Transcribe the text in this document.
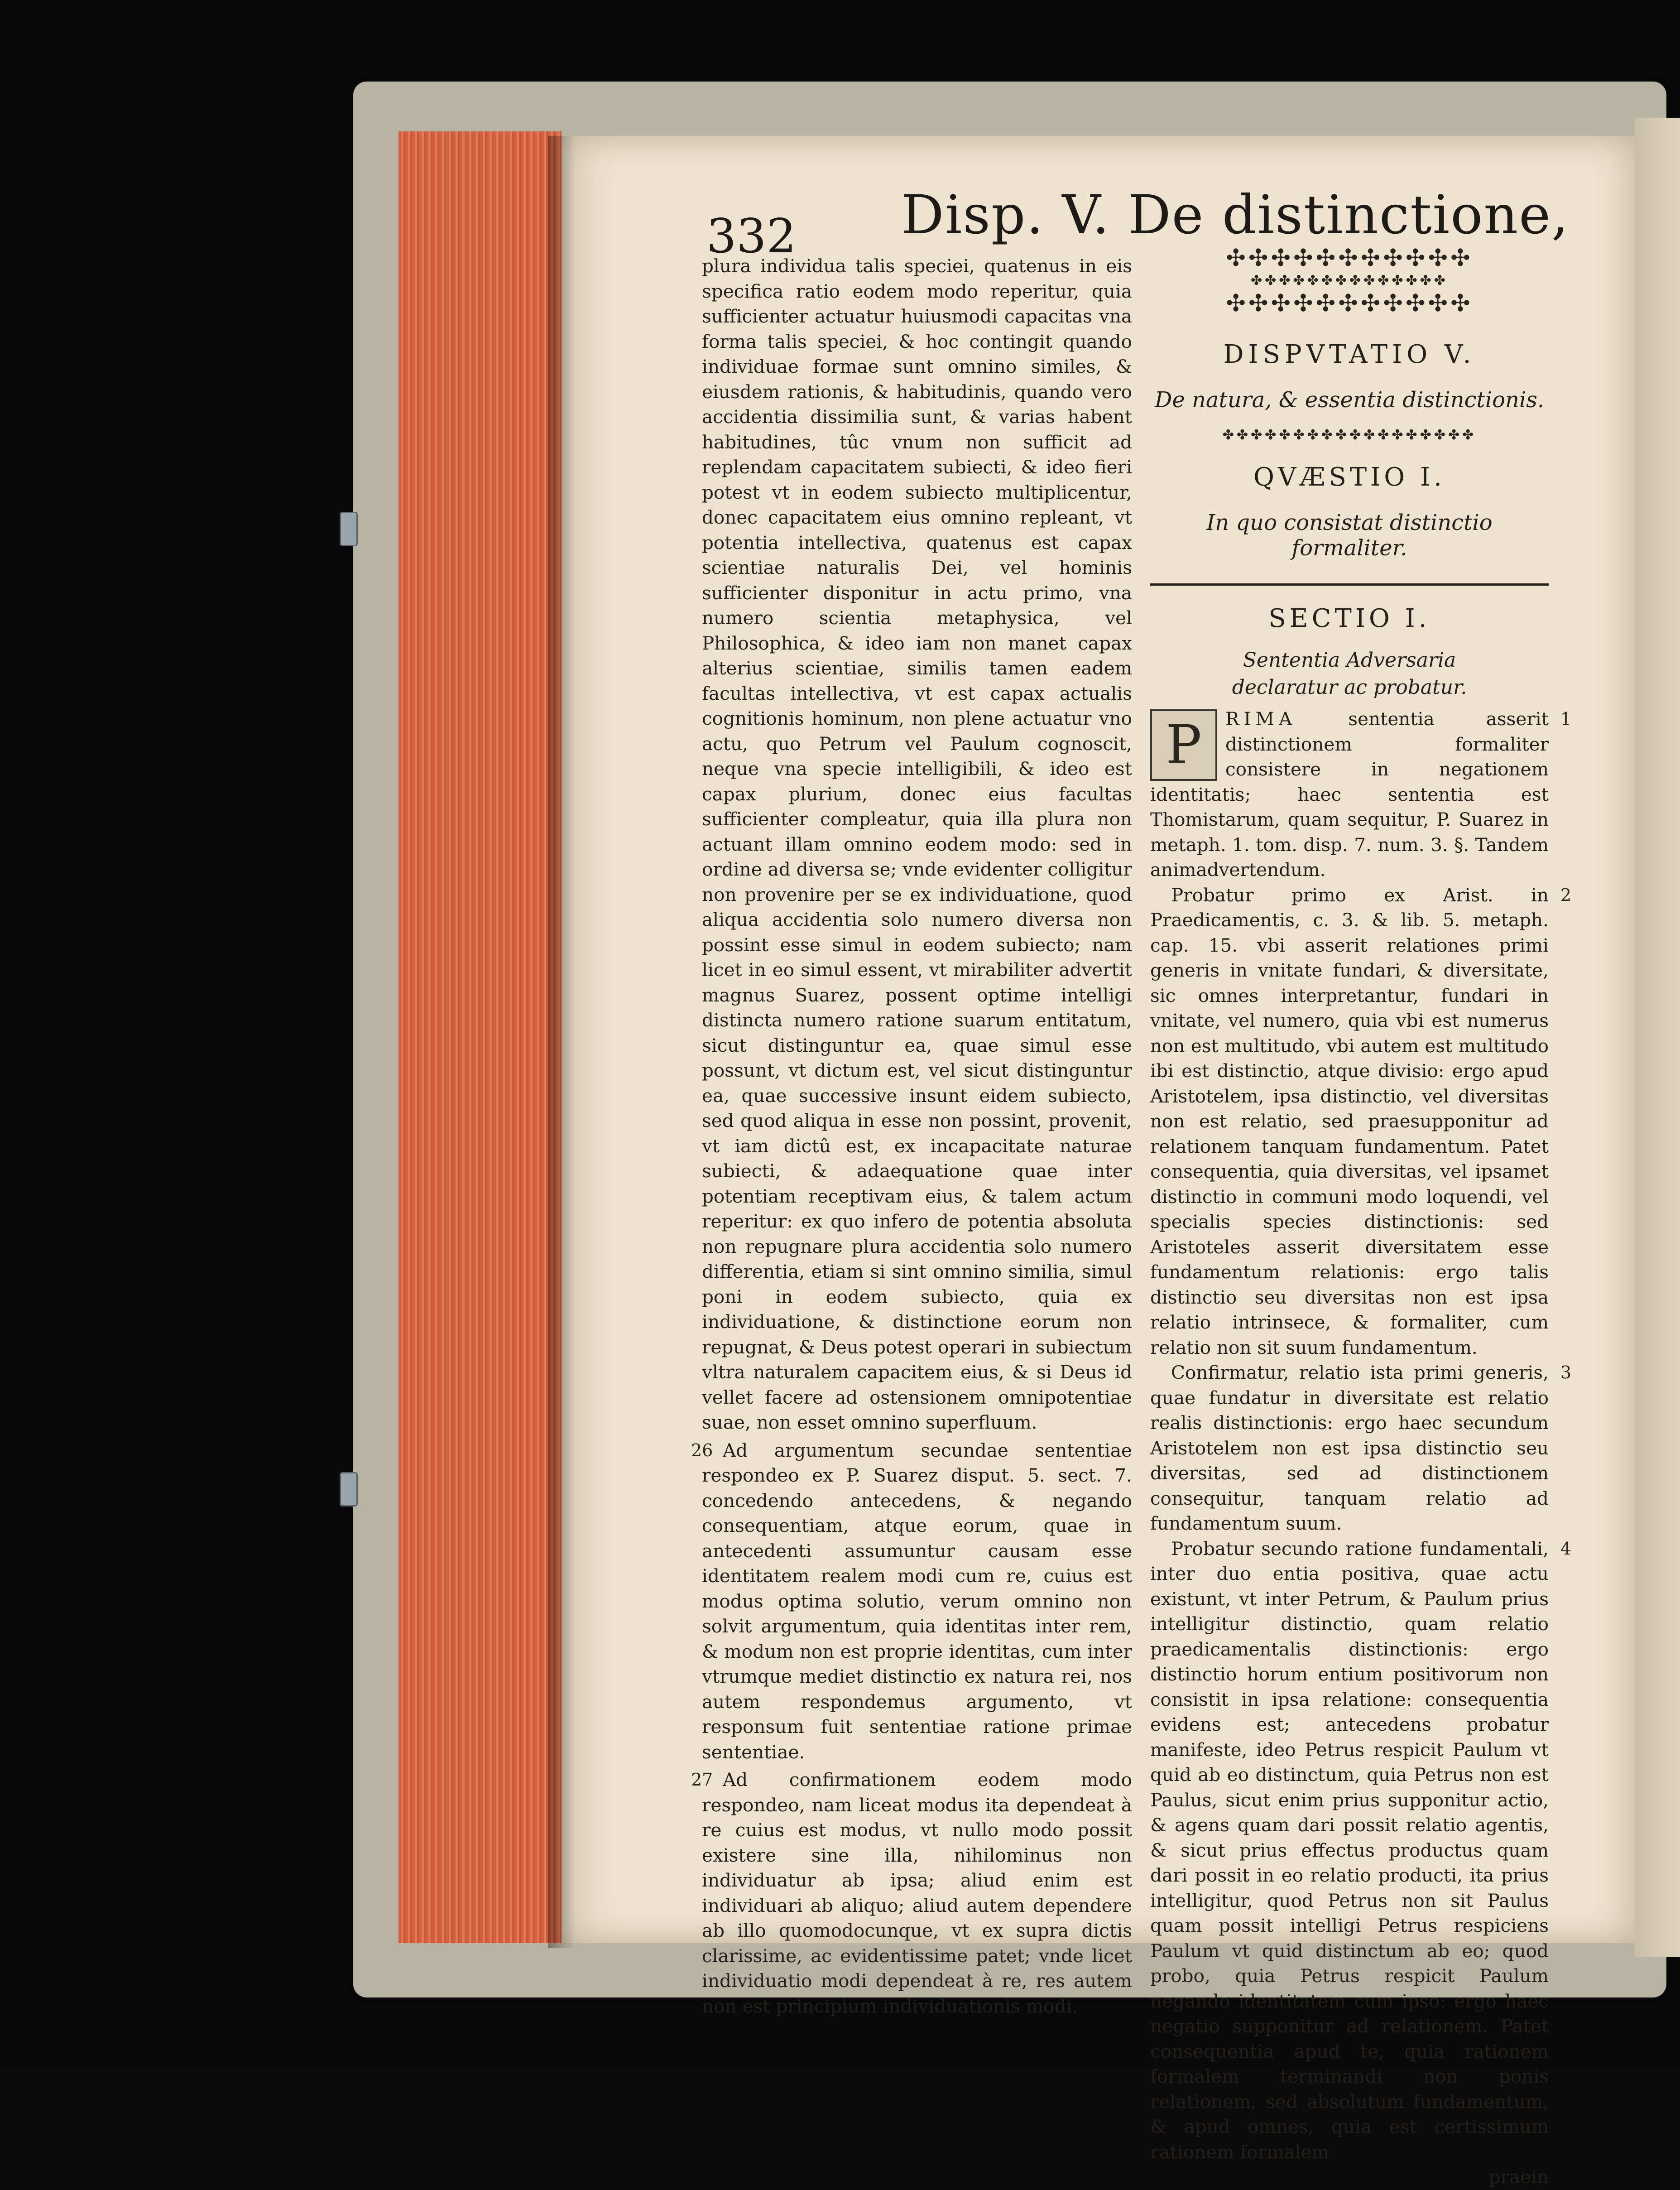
332 Disp. V. De distinctione,

plura individua talis speciei, quatenus in eis specifica ratio eodem modo reperitur, quia sufficienter actuatur huiusmodi capacitas vna forma talis speciei, & hoc contingit quando individuae formae sunt omnino similes, & eiusdem rationis, & habitudinis, quando vero accidentia dissimilia sunt, & varias habent habitudines, tûc vnum non sufficit ad replendam capacitatem subiecti, & ideo fieri potest vt in eodem subiecto multiplicentur, donec capacitatem eius omnino repleant, vt potentia intellectiva, quatenus est capax scientiae naturalis Dei, vel hominis sufficienter disponitur in actu primo, vna numero scientia metaphysica, vel Philosophica, & ideo iam non manet capax alterius scientiae, similis tamen eadem facultas intellectiva, vt est capax actualis cognitionis hominum, non plene actuatur vno actu, quo Petrum vel Paulum cognoscit, neque vna specie intelligibili, & ideo est capax plurium, donec eius facultas sufficienter compleatur, quia illa plura non actuant illam omnino eodem modo: sed in ordine ad diversa se; vnde evidenter colligitur non provenire per se ex individuatione, quod aliqua accidentia solo numero diversa non possint esse simul in eodem subiecto; nam licet in eo simul essent, vt mirabiliter advertit magnus Suarez, possent optime intelligi distincta numero ratione suarum entitatum, sicut distinguntur ea, quae simul esse possunt, vt dictum est, vel sicut distinguntur ea, quae successive insunt eidem subiecto, sed quod aliqua in esse non possint, provenit, vt iam dictû est, ex incapacitate naturae subiecti, & adaequatione quae inter potentiam receptivam eius, & talem actum reperitur: ex quo infero de potentia absoluta non repugnare plura accidentia solo numero differentia, etiam si sint omnino similia, simul poni in eodem subiecto, quia ex individuatione, & distinctione eorum non repugnat, & Deus potest operari in subiectum vltra naturalem capacitem eius, & si Deus id vellet facere ad ostensionem omnipotentiae suae, non esset omnino superfluum.

26 Ad argumentum secundae sententiae respondeo ex P. Suarez disput. 5. sect. 7. concedendo antecedens, & negando consequentiam, atque eorum, quae in antecedenti assumuntur causam esse identitatem realem modi cum re, cuius est modus optima solutio, verum omnino non solvit argumentum, quia identitas inter rem, & modum non est proprie identitas, cum inter vtrumque mediet distinctio ex natura rei, nos autem respondemus argumento, vt responsum fuit sententiae ratione primae sententiae.

27 Ad confirmationem eodem modo respondeo, nam liceat modus ita dependeat à re cuius est modus, vt nullo modo possit existere sine illa, nihilominus non individuatur ab ipsa; aliud enim est individuari ab aliquo; aliud autem dependere ab illo quomodocunque, vt ex supra dictis clarissime, ac evidentissime patet; vnde licet individuatio modi dependeat à re, res autem non est principium individuationis modi.

✣✣✣✣✣✣✣✣✣✣✣
✤✤✤✤✤✤✤✤✤✤✤✤✤✤
✣✣✣✣✣✣✣✣✣✣✣
DISPVTATIO V.
De natura, & essentia distinctionis.
✤✤✤✤✤✤✤✤✤✤✤✤✤✤✤✤✤✤
QVÆSTIO I.
In quo consistat distinctio formaliter.
SECTIO I.
Sententia Adversaria declaratur ac probatur.
P	1
RIMA	sententia asserit distinctionem formaliter consistere in negationem identitatis; haec sententia est Thomistarum, quam sequitur, P. Suarez in metaph. 1. tom. disp. 7. num. 3. §. Tandem animadvertendum.

2
Probatur primo ex Arist. in Praedicamentis, c. 3. & lib. 5. metaph. cap. 15. vbi asserit relationes primi generis in vnitate fundari, & diversitate, sic omnes interpretantur, fundari in vnitate, vel numero, quia vbi est numerus non est multitudo, vbi autem est multitudo ibi est distinctio, atque divisio: ergo apud Aristotelem, ipsa distinctio, vel diversitas non est relatio, sed praesupponitur ad relationem tanquam fundamentum. Patet consequentia, quia diversitas, vel ipsamet distinctio in communi modo loquendi, vel specialis species distinctionis: sed Aristoteles asserit diversitatem esse fundamentum relationis: ergo talis distinctio seu diversitas non est ipsa relatio intrinsece, & formaliter, cum relatio non sit suum fundamentum.

3
Confirmatur, relatio ista primi generis, quae fundatur in diversitate est relatio realis distinctionis: ergo haec secundum Aristotelem non est ipsa distinctio seu diversitas, sed ad distinctionem consequitur, tanquam relatio ad fundamentum suum.

4
Probatur secundo ratione fundamentali, inter duo entia positiva, quae actu existunt, vt inter Petrum, & Paulum prius intelligitur distinctio, quam relatio praedicamentalis distinctionis: ergo distinctio horum entium positivorum non consistit in ipsa relatione: consequentia evidens est; antecedens probatur manifeste, ideo Petrus respicit Paulum vt quid ab eo distinctum, quia Petrus non est Paulus, sicut enim prius supponitur actio, & agens quam dari possit relatio agentis, & sicut prius effectus productus quam dari possit in eo relatio producti, ita prius intelligitur, quod Petrus non sit Paulus quam possit intelligi Petrus respiciens Paulum vt quid distinctum ab eo; quod probo, quia Petrus respicit Paulum negando identitatem cum ipso: ergo haec negatio supponitur ad relationem. Patet consequentia apud te, quia rationem formalem terminandi non ponis relationem, sed absolutum fundamentum, & apud omnes, quia est certissimum rationem formalem

praein
